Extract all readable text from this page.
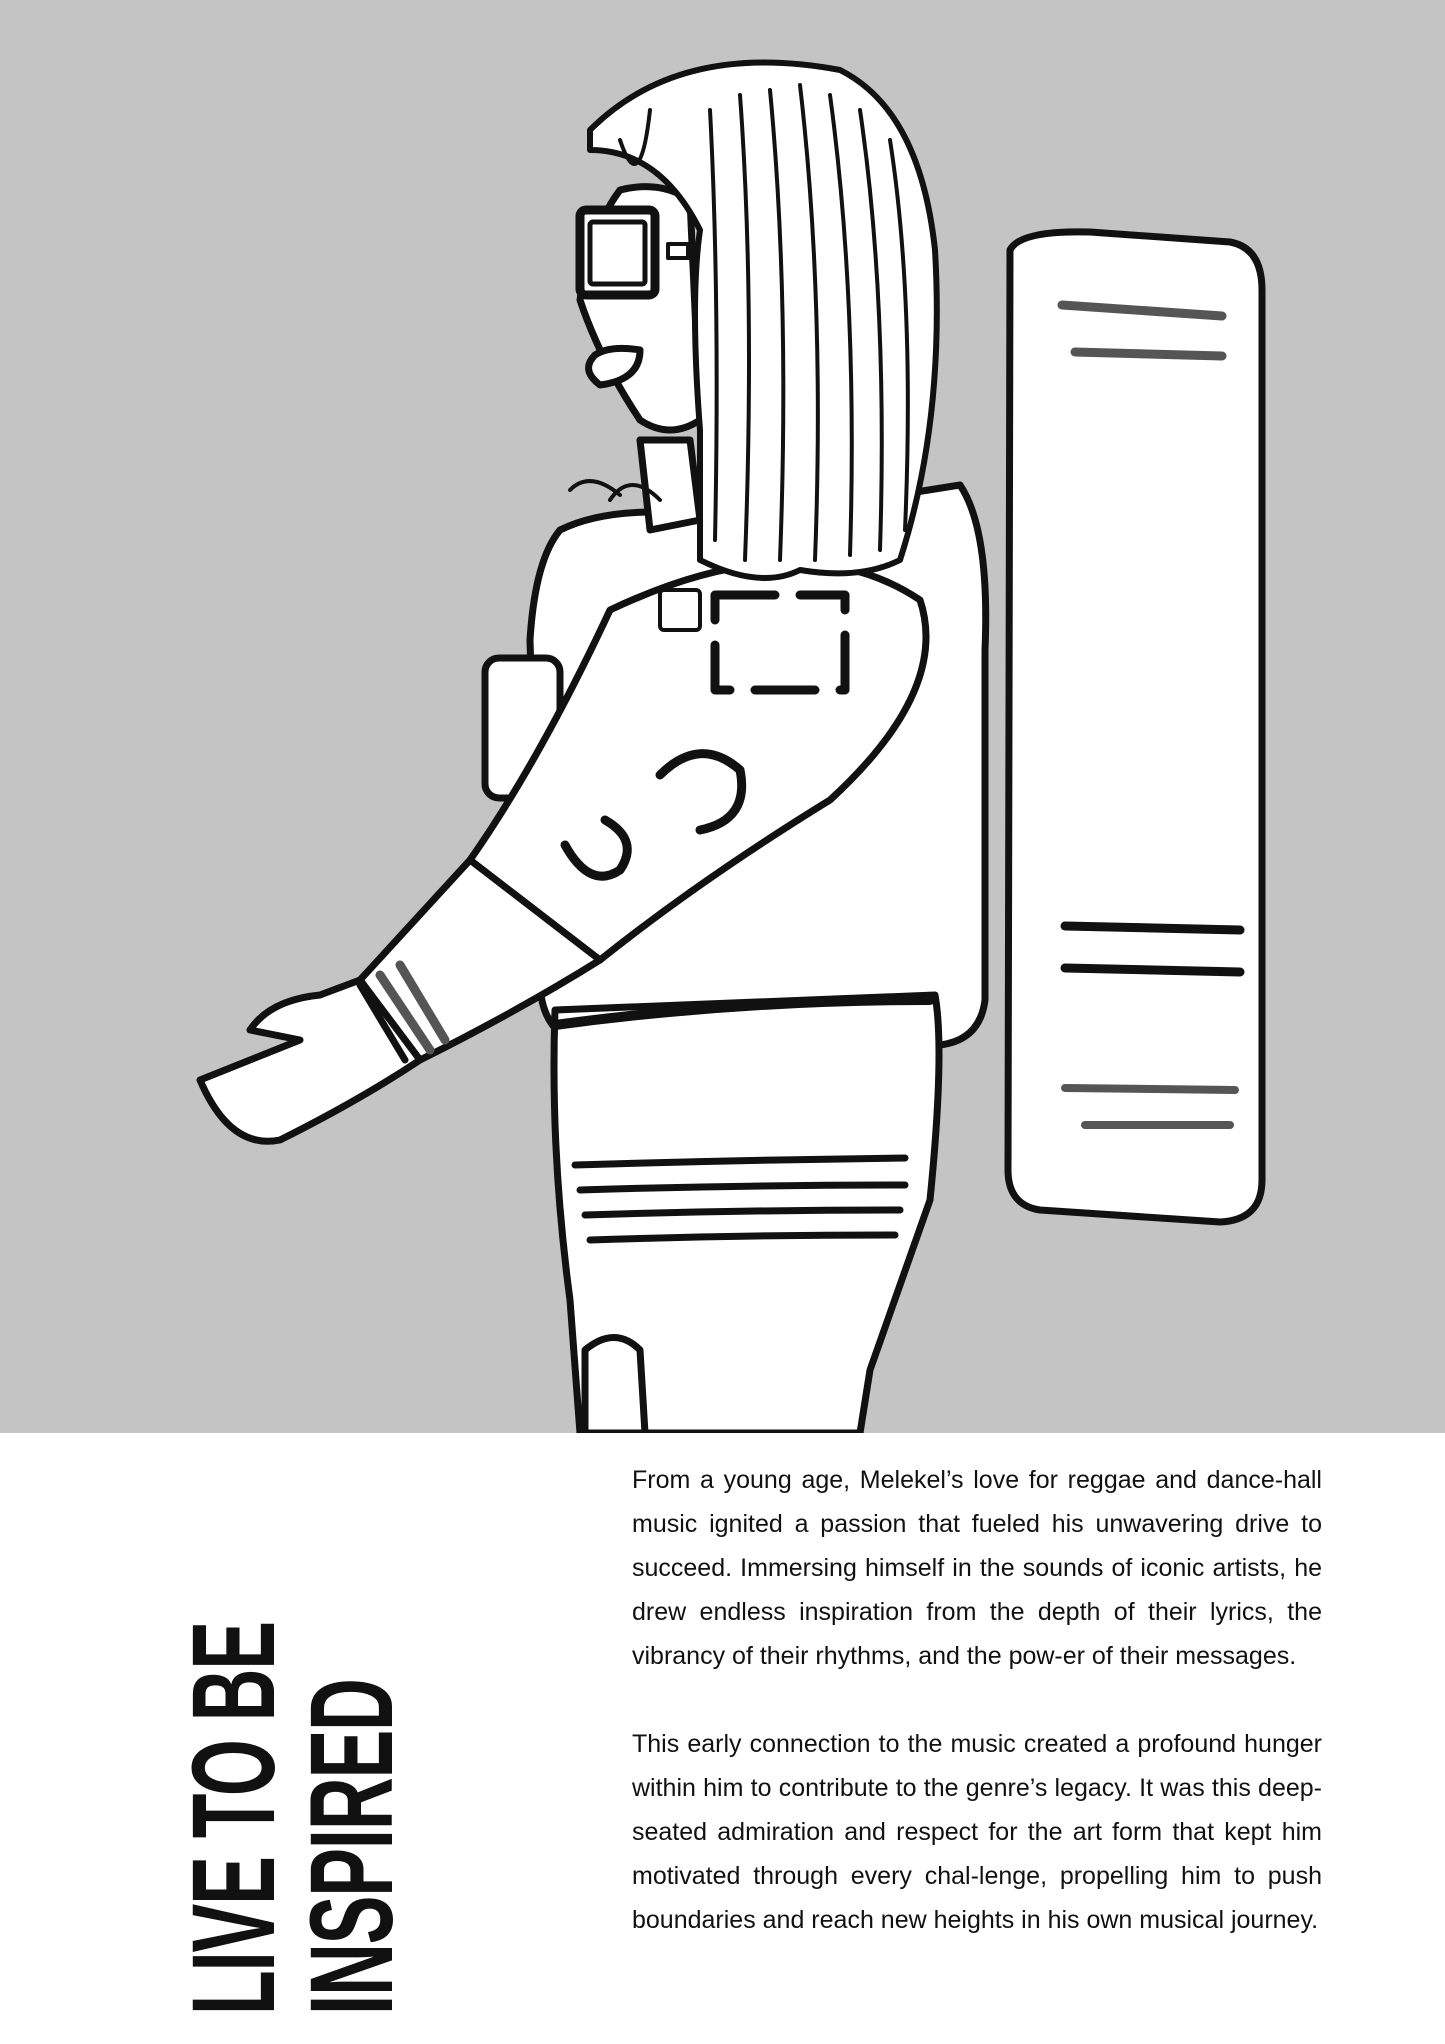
LIVE TO BE
INSPIRED

From a young age, Melekel’s love for reggae and dance-hall music ignited a passion that fueled his unwavering drive to succeed. Immersing himself in the sounds of iconic artists, he drew endless inspiration from the depth of their lyrics, the vibrancy of their rhythms, and the pow-er of their messages.

This early connection to the music created a profound hunger within him to contribute to the genre’s legacy. It was this deep-seated admiration and respect for the art form that kept him motivated through every chal-lenge, propelling him to push boundaries and reach new heights in his own musical journey.
